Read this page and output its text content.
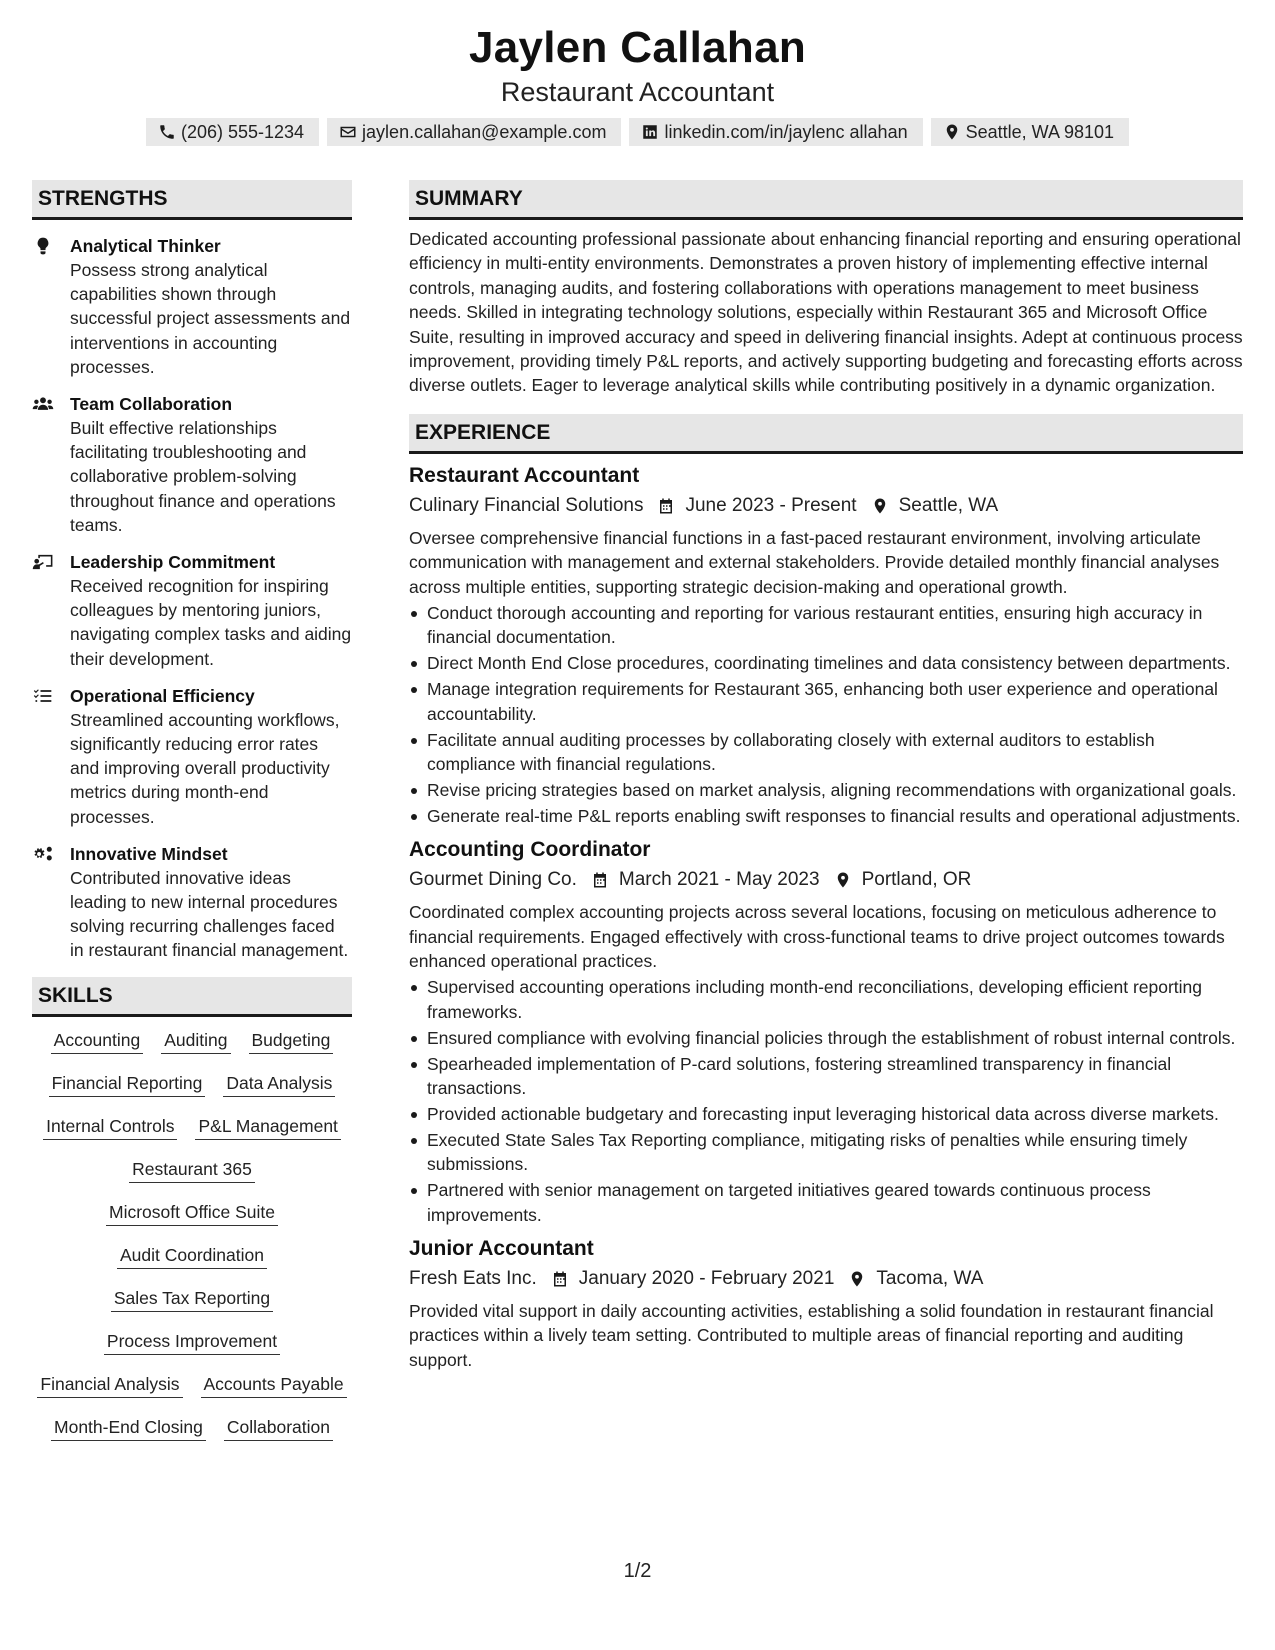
Jaylen Callahan
Restaurant Accountant
(206) 555-1234	jaylen.callahan@example.com	linkedin.com/in/jaylenc allahan	Seattle, WA 98101
STRENGTHS
Analytical Thinker
Possess strong analytical capabilities shown through successful project assessments and interventions in accounting processes.
Team Collaboration
Built effective relationships facilitating troubleshooting and collaborative problem-solving throughout finance and operations teams.
Leadership Commitment
Received recognition for inspiring colleagues by mentoring juniors, navigating complex tasks and aiding their development.
Operational Efficiency
Streamlined accounting workflows, significantly reducing error rates and improving overall productivity metrics during month-end processes.
Innovative Mindset
Contributed innovative ideas leading to new internal procedures solving recurring challenges faced in restaurant financial management.
SKILLS
Accounting Auditing Budgeting
Financial Reporting Data Analysis
Internal Controls P&L Management
Restaurant 365
Microsoft Office Suite
Audit Coordination
Sales Tax Reporting
Process Improvement
Financial Analysis Accounts Payable
Month-End Closing Collaboration
SUMMARY
Dedicated accounting professional passionate about enhancing financial reporting and ensuring operational efficiency in multi-entity environments. Demonstrates a proven history of implementing effective internal controls, managing audits, and fostering collaborations with operations management to meet business needs. Skilled in integrating technology solutions, especially within Restaurant 365 and Microsoft Office Suite, resulting in improved accuracy and speed in delivering financial insights. Adept at continuous process improvement, providing timely P&L reports, and actively supporting budgeting and forecasting efforts across diverse outlets. Eager to leverage analytical skills while contributing positively in a dynamic organization.
EXPERIENCE
Restaurant Accountant
Culinary Financial Solutions June 2023 - Present Seattle, WA
Oversee comprehensive financial functions in a fast-paced restaurant environment, involving articulate communication with management and external stakeholders. Provide detailed monthly financial analyses across multiple entities, supporting strategic decision-making and operational growth.
Conduct thorough accounting and reporting for various restaurant entities, ensuring high accuracy in financial documentation.
Direct Month End Close procedures, coordinating timelines and data consistency between departments.
Manage integration requirements for Restaurant 365, enhancing both user experience and operational accountability.
Facilitate annual auditing processes by collaborating closely with external auditors to establish compliance with financial regulations.
Revise pricing strategies based on market analysis, aligning recommendations with organizational goals.
Generate real-time P&L reports enabling swift responses to financial results and operational adjustments.
Accounting Coordinator
Gourmet Dining Co. March 2021 - May 2023 Portland, OR
Coordinated complex accounting projects across several locations, focusing on meticulous adherence to financial requirements. Engaged effectively with cross-functional teams to drive project outcomes towards enhanced operational practices.
Supervised accounting operations including month-end reconciliations, developing efficient reporting frameworks.
Ensured compliance with evolving financial policies through the establishment of robust internal controls.
Spearheaded implementation of P-card solutions, fostering streamlined transparency in financial transactions.
Provided actionable budgetary and forecasting input leveraging historical data across diverse markets.
Executed State Sales Tax Reporting compliance, mitigating risks of penalties while ensuring timely submissions.
Partnered with senior management on targeted initiatives geared towards continuous process improvements.
Junior Accountant
Fresh Eats Inc. January 2020 - February 2021 Tacoma, WA
Provided vital support in daily accounting activities, establishing a solid foundation in restaurant financial practices within a lively team setting. Contributed to multiple areas of financial reporting and auditing support.
1/2
